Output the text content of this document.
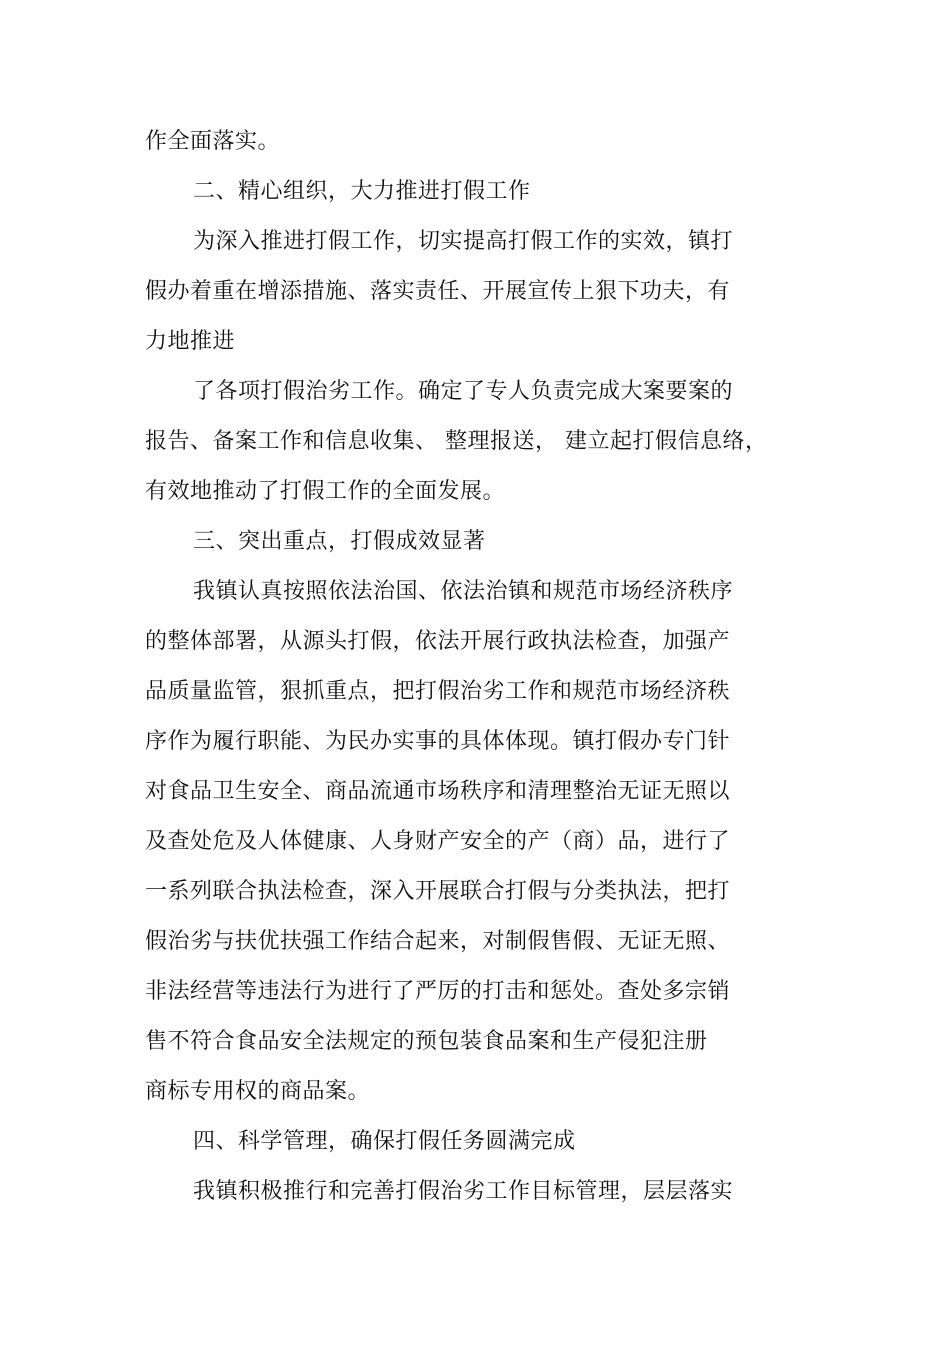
作全面落实。
二、精心组织，大力推进打假工作
为深入推进打假工作，切实提高打假工作的实效，镇打
假办着重在增添措施、落实责任、开展宣传上狠下功夫，有
力地推进
了各项打假治劣工作。确定了专人负责完成大案要案的
报告、备案工作和信息收集、 整理报送， 建立起打假信息络，
有效地推动了打假工作的全面发展。
三、突出重点，打假成效显著
我镇认真按照依法治国、依法治镇和规范市场经济秩序
的整体部署，从源头打假，依法开展行政执法检查，加强产
品质量监管，狠抓重点，把打假治劣工作和规范市场经济秩
序作为履行职能、为民办实事的具体体现。镇打假办专门针
对食品卫生安全、商品流通市场秩序和清理整治无证无照以
及查处危及人体健康、人身财产安全的产（商）品，进行了
一系列联合执法检查，深入开展联合打假与分类执法，把打
假治劣与扶优扶强工作结合起来，对制假售假、无证无照、
非法经营等违法行为进行了严厉的打击和惩处。查处多宗销
售不符合食品安全法规定的预包装食品案和生产侵犯注册
商标专用权的商品案。
四、科学管理，确保打假任务圆满完成
我镇积极推行和完善打假治劣工作目标管理，层层落实
